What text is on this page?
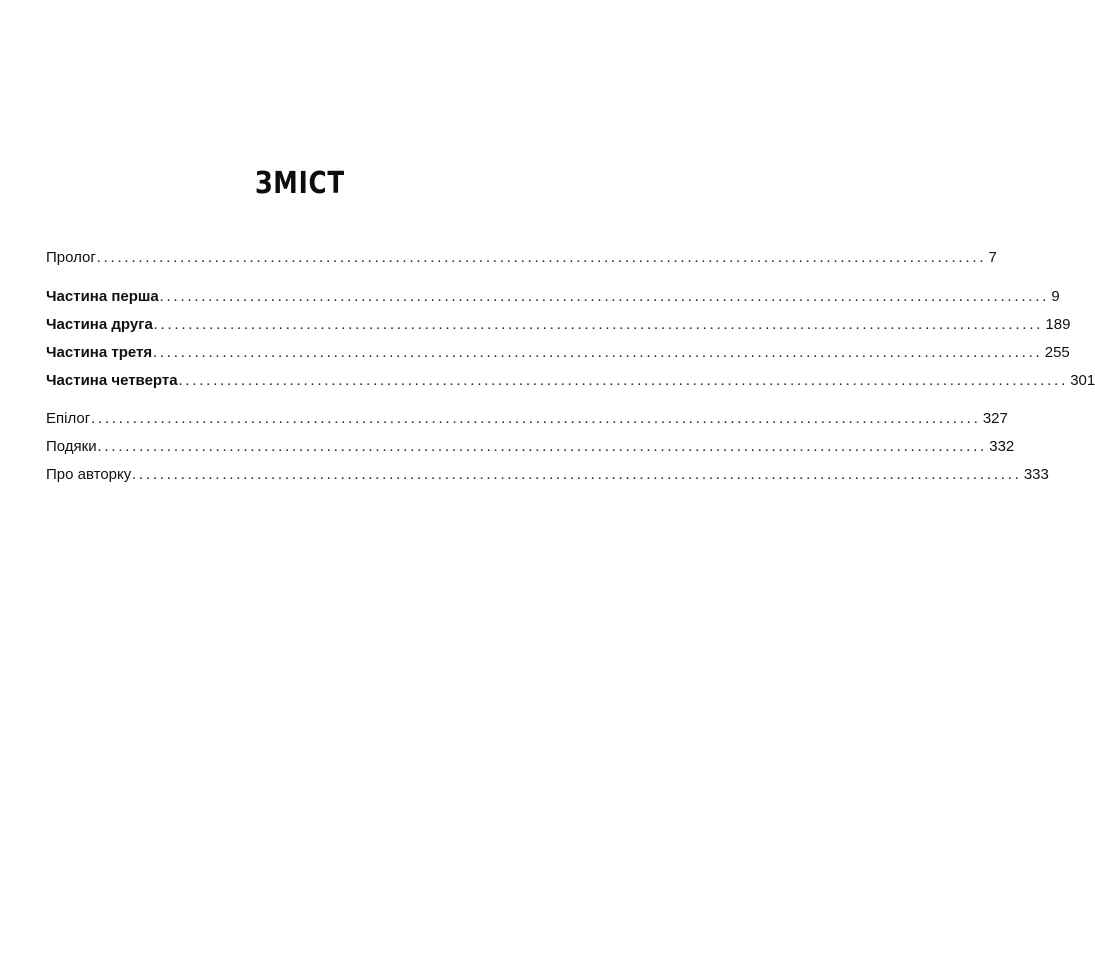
ЗМІСТ
Пролог ................................................................................................................................ 7
Частина перша ................................................................................................................................ 9
Частина друга ................................................................................................................................ 189
Частина третя ................................................................................................................................ 255
Частина четверта ................................................................................................................................ 301
Епілог ................................................................................................................................ 327
Подяки ................................................................................................................................ 332
Про авторку ................................................................................................................................ 333
